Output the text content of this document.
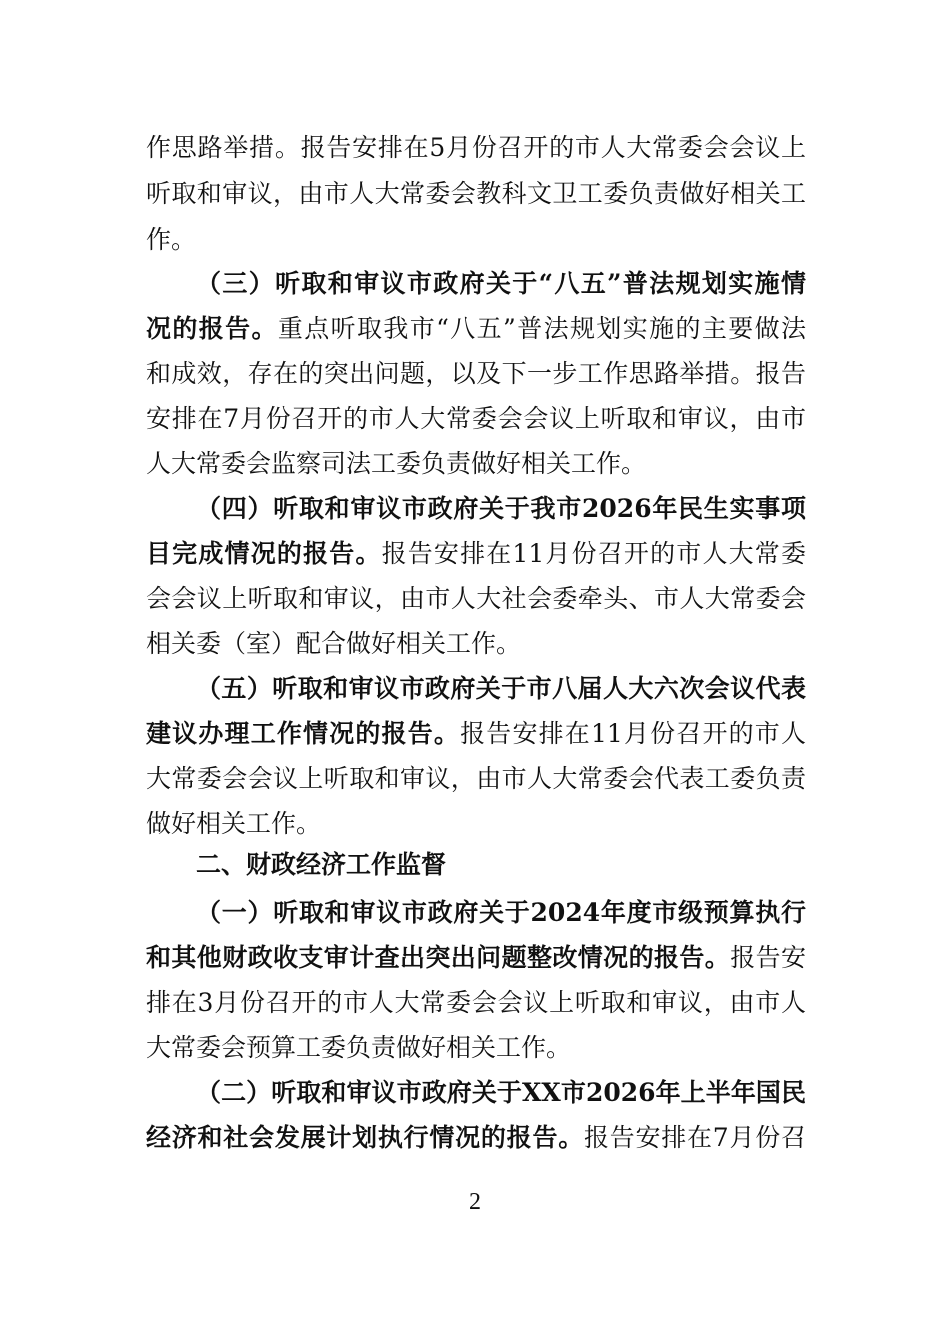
作思路举措。报告安排在5月份召开的市人大常委会会议上
听取和审议，由市人大常委会教科文卫工委负责做好相关工
作。
（三）听取和审议市政府关于“八五”普法规划实施情
况的报告。重点听取我市“八五”普法规划实施的主要做法
和成效，存在的突出问题，以及下一步工作思路举措。报告
安排在7月份召开的市人大常委会会议上听取和审议，由市
人大常委会监察司法工委负责做好相关工作。
（四）听取和审议市政府关于我市2026年民生实事项
目完成情况的报告。报告安排在11月份召开的市人大常委
会会议上听取和审议，由市人大社会委牵头、市人大常委会
相关委（室）配合做好相关工作。
（五）听取和审议市政府关于市八届人大六次会议代表
建议办理工作情况的报告。报告安排在11月份召开的市人
大常委会会议上听取和审议，由市人大常委会代表工委负责
做好相关工作。
二、财政经济工作监督
（一）听取和审议市政府关于2024年度市级预算执行
和其他财政收支审计查出突出问题整改情况的报告。报告安
排在3月份召开的市人大常委会会议上听取和审议，由市人
大常委会预算工委负责做好相关工作。
（二）听取和审议市政府关于XX市2026年上半年国民
经济和社会发展计划执行情况的报告。报告安排在7月份召
2
